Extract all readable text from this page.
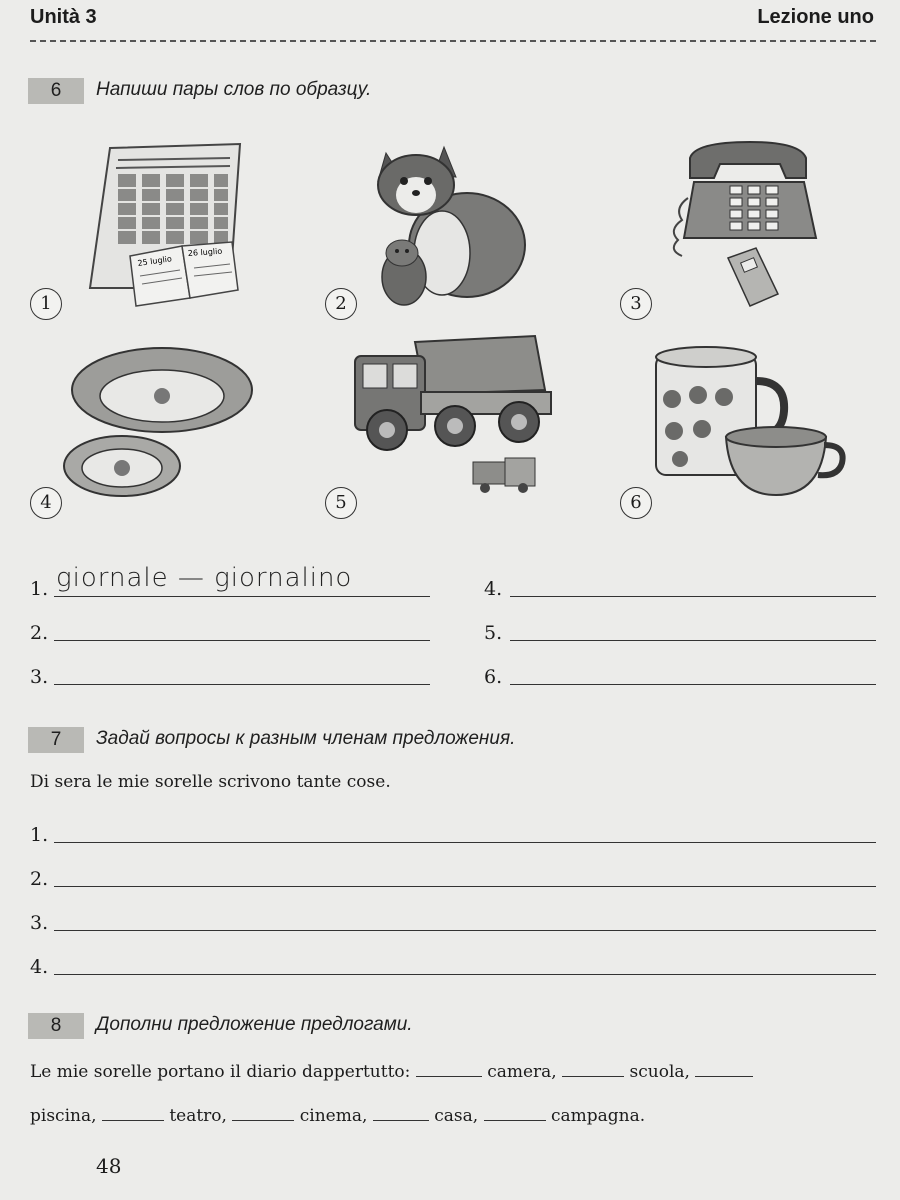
Unità 3	Lezione uno
6	Напиши пары слов по образцу.
25 luglio
26 luglio
1	2	3
4	5	6
1. giornale — giornalino
2.
3.
4.
5.
6.
7	Задай вопросы к разным членам предложения.
Di sera le mie sorelle scrivono tante cose.
1.
2.
3.
4.
8	Дополни предложение предлогами.
Le mie sorelle portano il diario dappertutto:	camera,	scuola,
piscina,	teatro,	cinema,	casa,	campagna.
48
